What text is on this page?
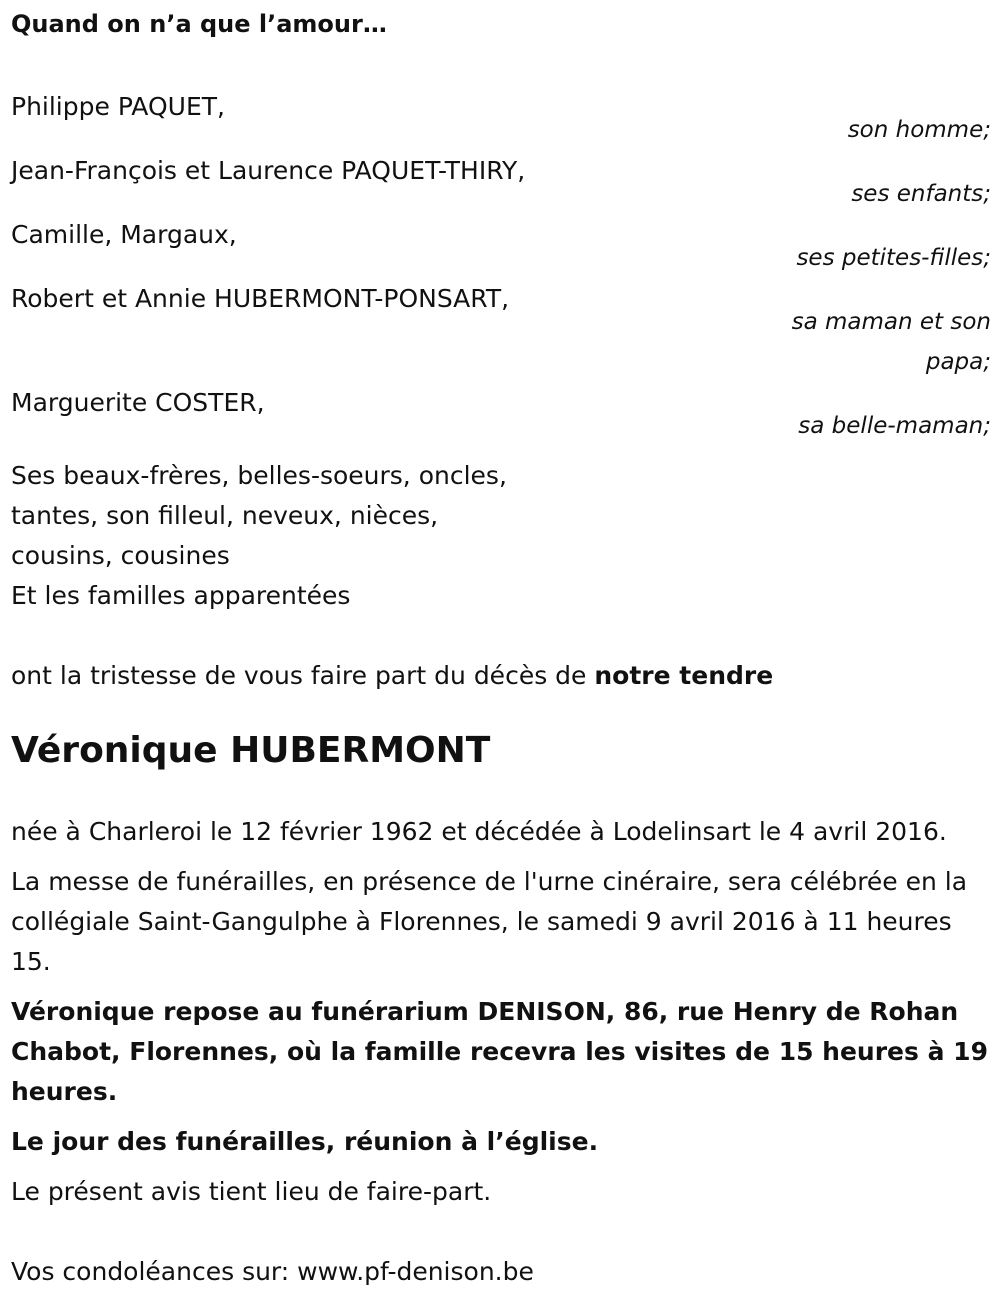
Quand on n’a que l’amour…

Philippe PAQUET,
son homme;
Jean-François et Laurence PAQUET-THIRY,
ses enfants;
Camille, Margaux,
ses petites-filles;
Robert et Annie HUBERMONT-PONSART,
sa maman et son papa;
Marguerite COSTER,
sa belle-maman;
Ses beaux-frères, belles-soeurs, oncles,
tantes, son filleul, neveux, nièces,
cousins, cousines
Et les familles apparentées
ont la tristesse de vous faire part du décès de notre tendre
Véronique HUBERMONT
née à Charleroi le 12 février 1962 et décédée à Lodelinsart le 4 avril 2016.
La messe de funérailles, en présence de l'urne cinéraire, sera célébrée en la collégiale Saint-Gangulphe à Florennes, le samedi 9 avril 2016 à 11 heures 15.
Véronique repose au funérarium DENISON, 86, rue Henry de Rohan Chabot, Florennes, où la famille recevra les visites de 15 heures à 19 heures.
Le jour des funérailles, réunion à l’église.
Le présent avis tient lieu de faire-part.
Vos condoléances sur: www.pf-denison.be
